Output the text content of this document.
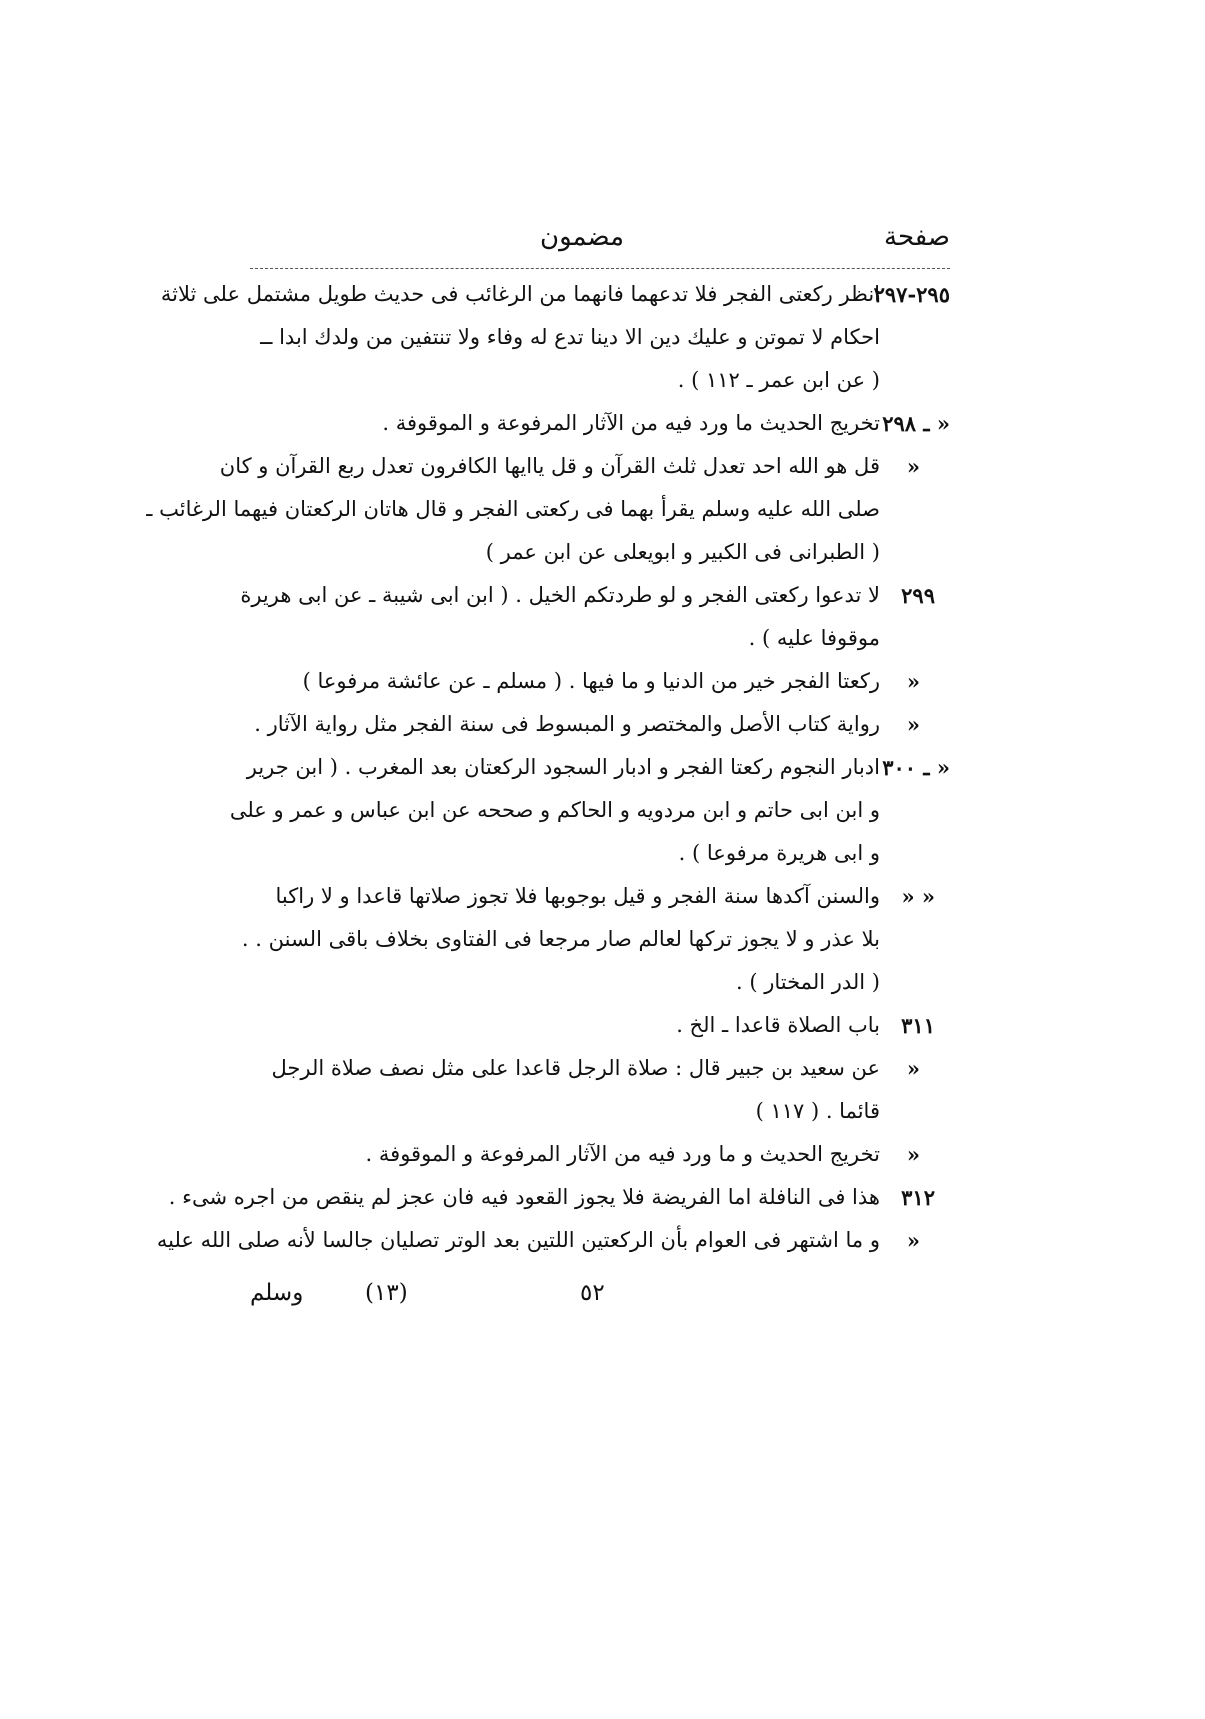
صفحة
مضمون
٢٩٥-٢٩٧
انظر ركعتى الفجر فلا تدعهما فانهما من الرغائب فى حديث طويل مشتمل على ثلاثة
احكام لا تموتن و عليك دين الا دينا تدع له وفاء ولا تنتفين من ولدك ابدا ــ
( عن ابن عمر ـ ١١٢ ) .
« ـ ٢٩٨
تخريج الحديث ما ورد فيه من الآثار المرفوعة و الموقوفة .
«
قل هو الله احد تعدل ثلث القرآن و قل ياايها الكافرون تعدل ربع القرآن و كان
صلى الله عليه وسلم يقرأ بهما فى ركعتى الفجر و قال هاتان الركعتان فيهما الرغائب ـ
( الطبرانى فى الكبير و ابويعلى عن ابن عمر )
٢٩٩
لا تدعوا ركعتى الفجر و لو طردتكم الخيل . ( ابن ابى شيبة ـ عن ابى هريرة
موقوفا عليه ) .
«
ركعتا الفجر خير من الدنيا و ما فيها . ( مسلم ـ عن عائشة مرفوعا )
«
رواية كتاب الأصل والمختصر و المبسوط فى سنة الفجر مثل رواية الآثار .
« ـ ٣٠٠
ادبار النجوم ركعتا الفجر و ادبار السجود الركعتان بعد المغرب . ( ابن جرير
و ابن ابى حاتم و ابن مردويه و الحاكم و صححه عن ابن عباس و عمر و على
و ابى هريرة مرفوعا ) .
« «
والسنن آكدها سنة الفجر و قيل بوجوبها فلا تجوز صلاتها قاعدا و لا راكبا
بلا عذر و لا يجوز تركها لعالم صار مرجعا فى الفتاوى بخلاف باقى السنن . .
( الدر المختار ) .
٣١١
باب الصلاة قاعدا ـ الخ .
«
عن سعيد بن جبير قال : صلاة الرجل قاعدا على مثل نصف صلاة الرجل
قائما . ( ١١٧ )
«
تخريج الحديث و ما ورد فيه من الآثار المرفوعة و الموقوفة .
٣١٢
هذا فى النافلة اما الفريضة فلا يجوز القعود فيه فان عجز لم ينقص من اجره شىء .
«
و ما اشتهر فى العوام بأن الركعتين اللتين بعد الوتر تصليان جالسا لأنه صلى الله عليه
٥٢
(١٣)
وسلم
